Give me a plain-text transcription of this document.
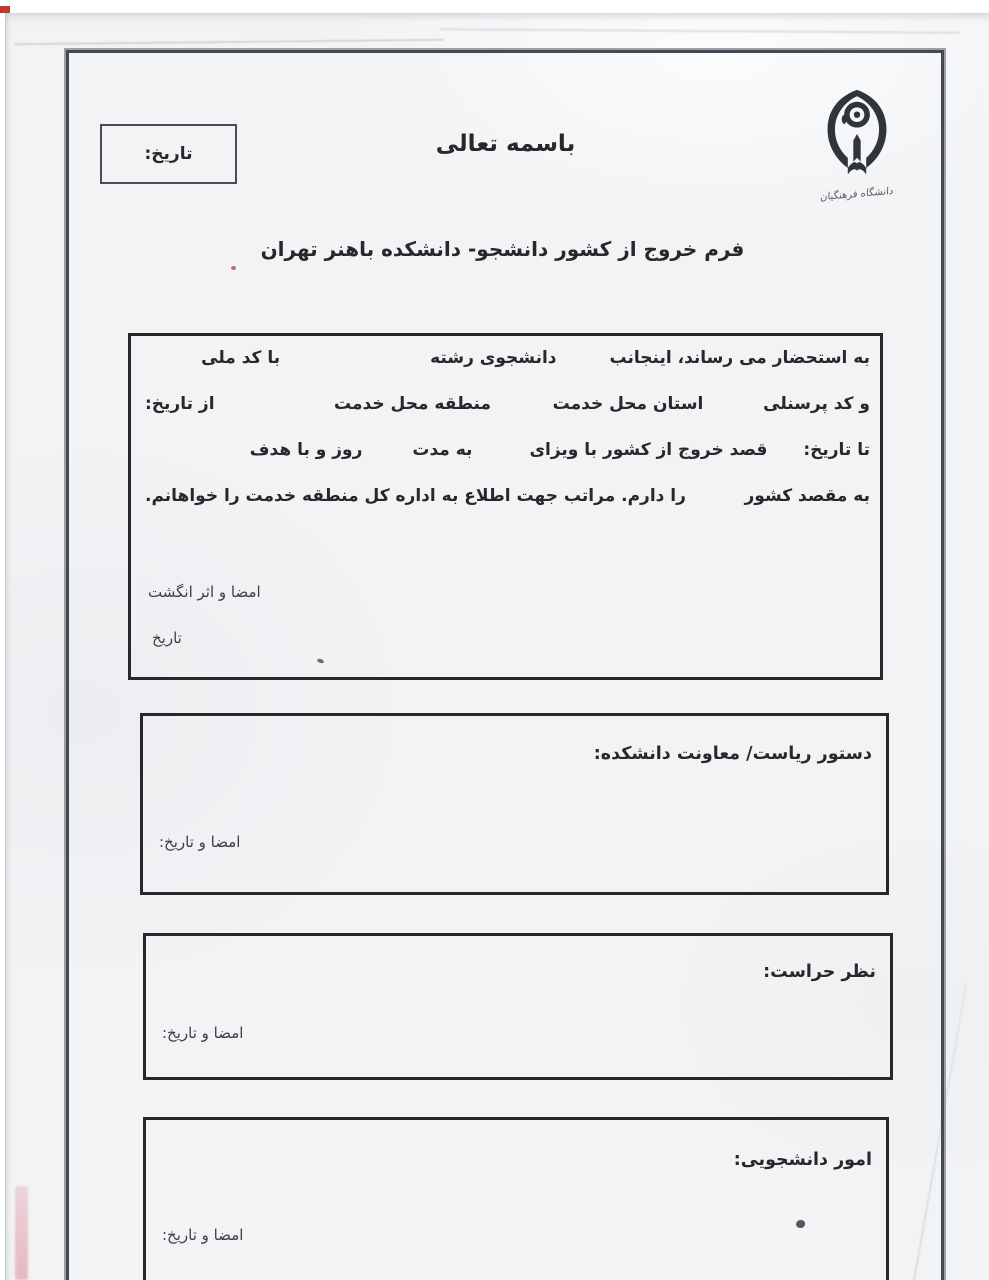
تاریخ:	باسمه تعالی
دانشگاه فرهنگیان
فرم خروج از کشور دانشجو- دانشکده باهنر تهران
به استحضار می رساند، اینجانب
دانشجوی رشته
با کد ملی
و کد پرسنلی
استان محل خدمت
منطقه محل خدمت
از تاریخ:
تا تاریخ:
قصد خروج از کشور با ویزای
به مدت
روز و با هدف
به مقصد کشور
را دارم. مراتب جهت اطلاع به اداره کل منطقه خدمت را خواهانم.
امضا و اثر انگشت
تاریخ
دستور ریاست/ معاونت دانشکده:
امضا و تاریخ:
نظر حراست:
امضا و تاریخ:
امور دانشجویی:
امضا و تاریخ:
